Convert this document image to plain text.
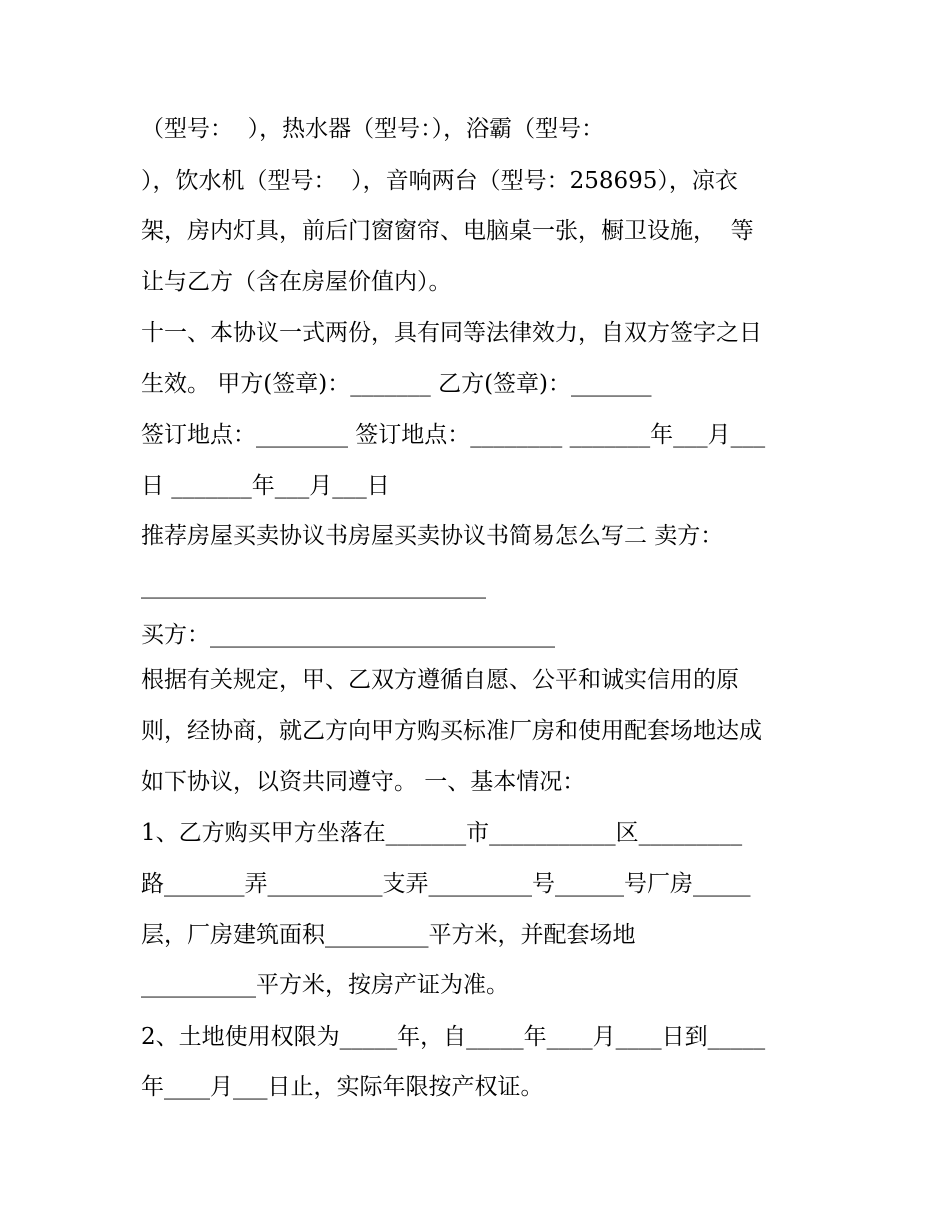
（型号：  ），热水器（型号：），浴霸（型号：
），饮水机（型号：  ），音响两台（型号：258695），凉衣
架，房内灯具，前后门窗窗帘、电脑桌一张，橱卫设施，  等
让与乙方（含在房屋价值内）。
十一、本协议一式两份，具有同等法律效力，自双方签字之日
生效。 甲方(签章)：_______ 乙方(签章)：_______
签订地点：________ 签订地点：________ _______年___月___
日 _______年___月___日
推荐房屋买卖协议书房屋买卖协议书简易怎么写二 卖方：
______________________________
买方：______________________________
根据有关规定，甲、乙双方遵循自愿、公平和诚实信用的原
则，经协商，就乙方向甲方购买标准厂房和使用配套场地达成
如下协议，以资共同遵守。 一、基本情况：
1、乙方购买甲方坐落在_______市___________区_________
路_______弄__________支弄_________号______号厂房_____
层，厂房建筑面积_________平方米，并配套场地
__________平方米，按房产证为准。
2、土地使用权限为_____年，自_____年____月____日到_____
年____月___日止，实际年限按产权证。
